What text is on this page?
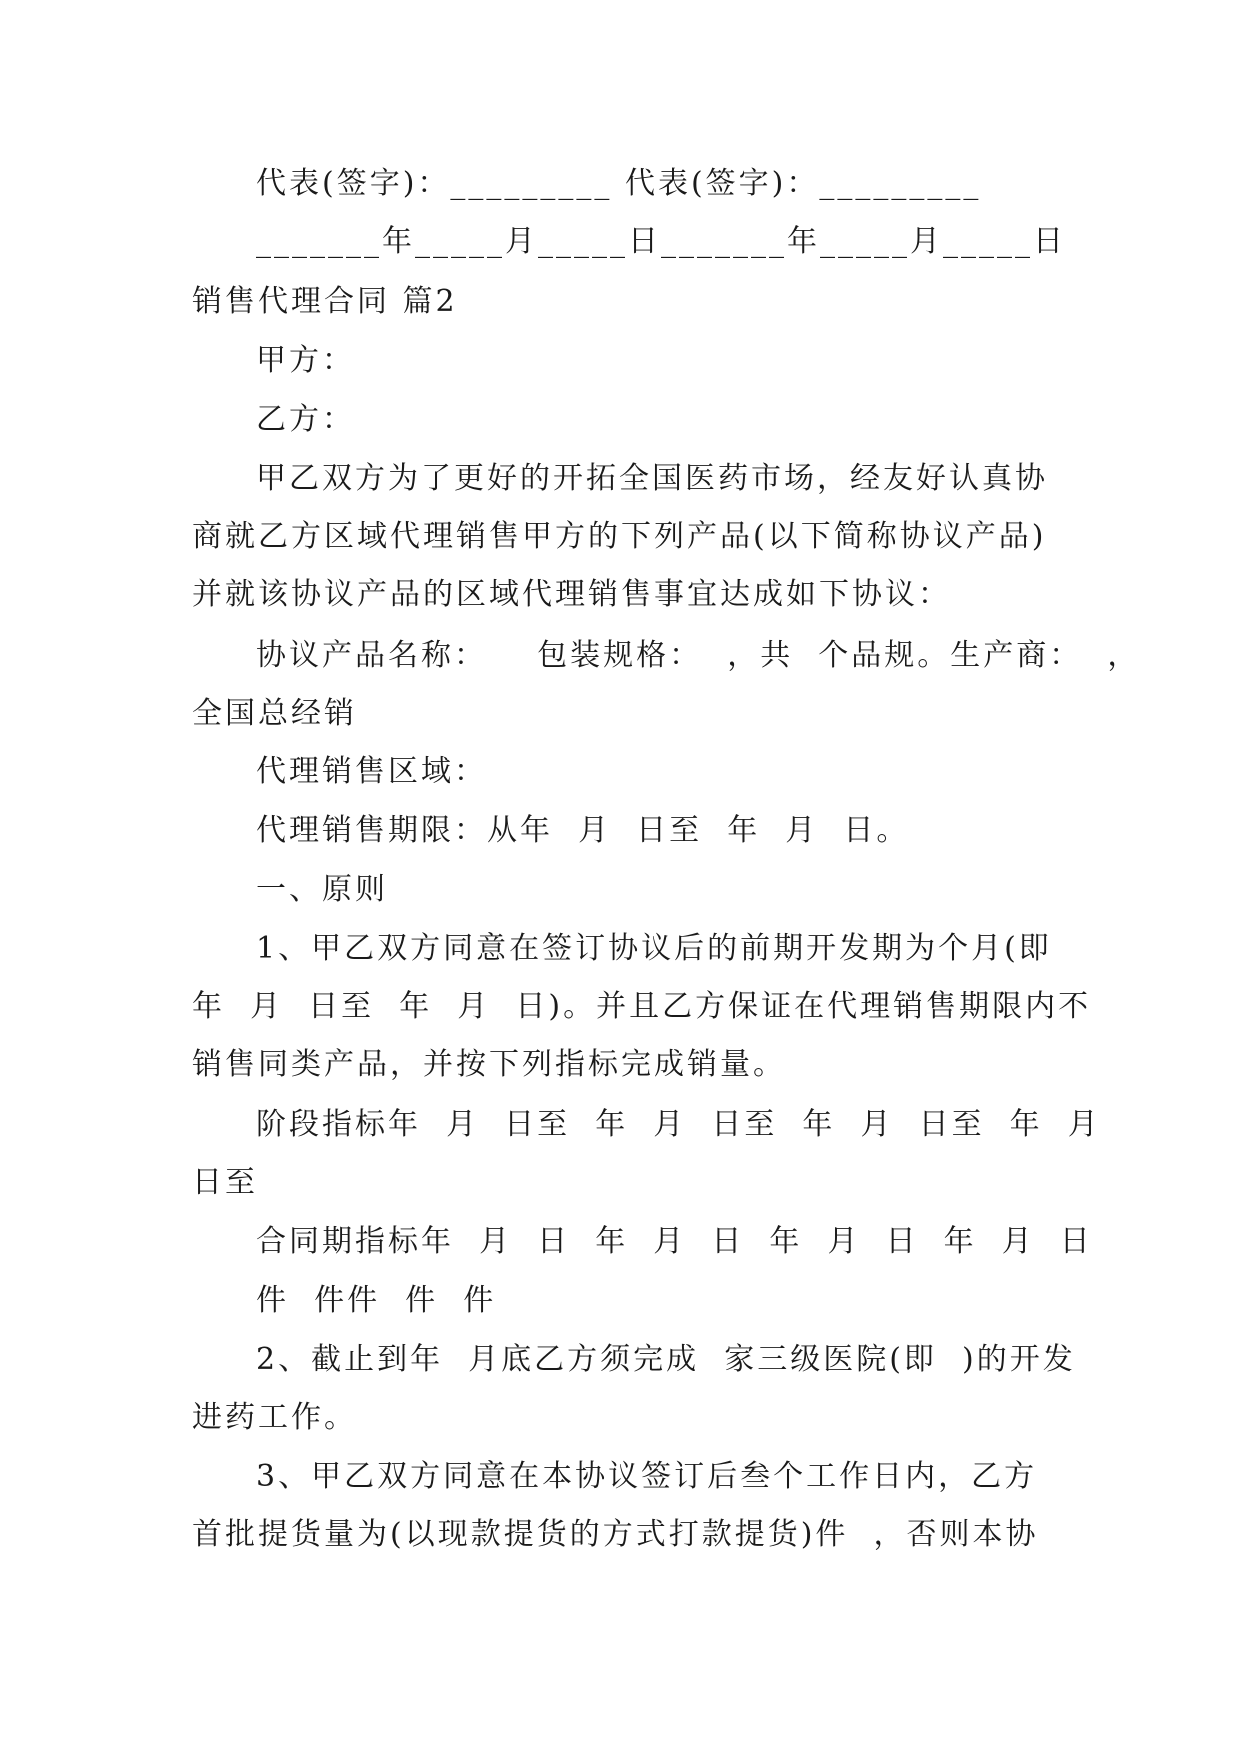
代表(签字)：_________ 代表(签字)：_________
_______年_____月_____日_______年_____月_____日
销售代理合同 篇2
甲方：
乙方：
甲乙双方为了更好的开拓全国医药市场，经友好认真协
商就乙方区域代理销售甲方的下列产品(以下简称协议产品)
并就该协议产品的区域代理销售事宜达成如下协议：
协议产品名称：    包装规格：  ，共  个品规。生产商：  ，
全国总经销
代理销售区域：
代理销售期限：从年  月  日至  年  月  日。
一、原则
1、甲乙双方同意在签订协议后的前期开发期为个月(即
年  月  日至  年  月  日)。并且乙方保证在代理销售期限内不
销售同类产品，并按下列指标完成销量。
阶段指标年  月  日至  年  月  日至  年  月  日至  年  月
日至
合同期指标年  月  日  年  月  日  年  月  日  年  月  日
件  件件  件  件
2、截止到年  月底乙方须完成  家三级医院(即  )的开发
进药工作。
3、甲乙双方同意在本协议签订后叁个工作日内，乙方
首批提货量为(以现款提货的方式打款提货)件  ，否则本协
